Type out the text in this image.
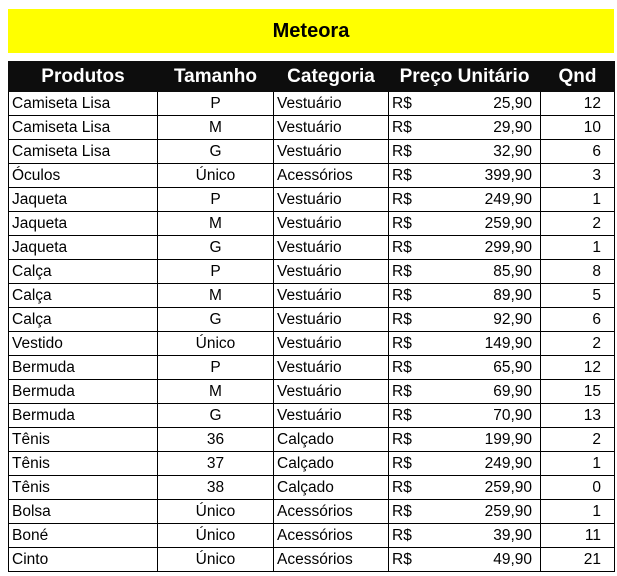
Meteora
Produtos	Tamanho	Categoria	Preço Unitário	Qnd
Camiseta Lisa	P	Vestuário	R$ 25,90	12
Camiseta Lisa	M	Vestuário	R$ 29,90	10
Camiseta Lisa	G	Vestuário	R$ 32,90	6
Óculos	Único	Acessórios	R$ 399,90	3
Jaqueta	P	Vestuário	R$ 249,90	1
Jaqueta	M	Vestuário	R$ 259,90	2
Jaqueta	G	Vestuário	R$ 299,90	1
Calça	P	Vestuário	R$ 85,90	8
Calça	M	Vestuário	R$ 89,90	5
Calça	G	Vestuário	R$ 92,90	6
Vestido	Único	Vestuário	R$ 149,90	2
Bermuda	P	Vestuário	R$ 65,90	12
Bermuda	M	Vestuário	R$ 69,90	15
Bermuda	G	Vestuário	R$ 70,90	13
Tênis	36	Calçado	R$ 199,90	2
Tênis	37	Calçado	R$ 249,90	1
Tênis	38	Calçado	R$ 259,90	0
Bolsa	Único	Acessórios	R$ 259,90	1
Boné	Único	Acessórios	R$ 39,90	11
Cinto	Único	Acessórios	R$ 49,90	21
